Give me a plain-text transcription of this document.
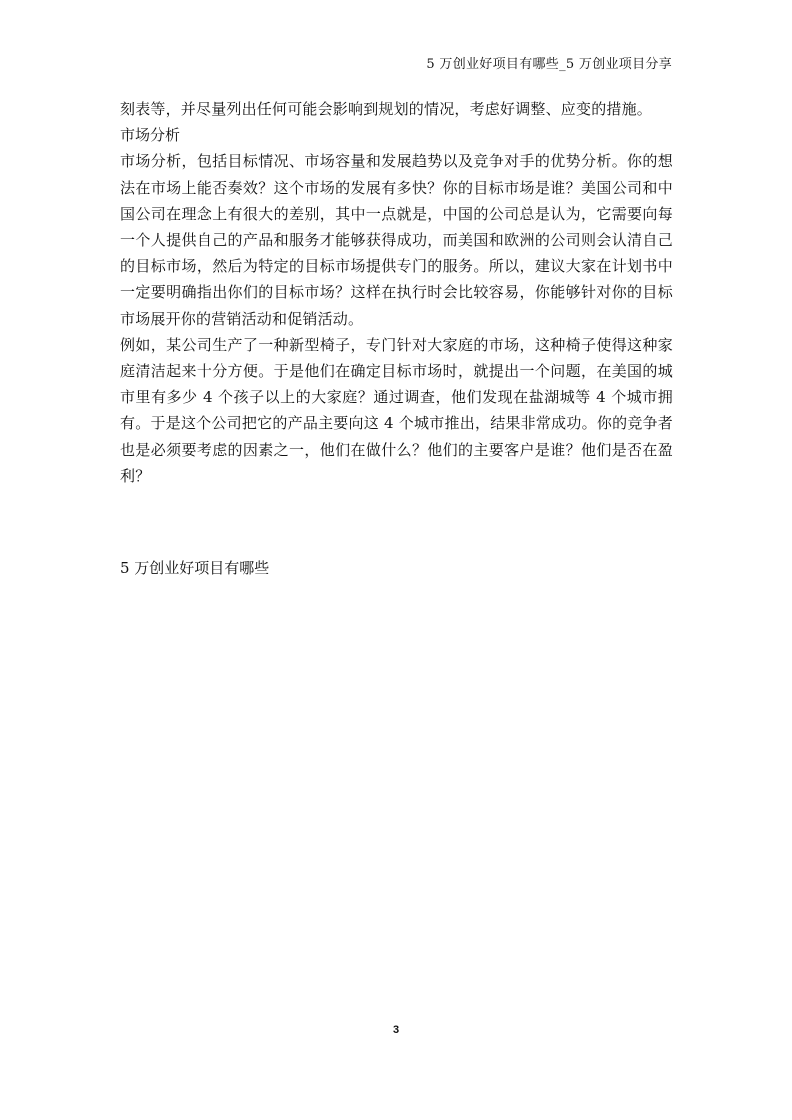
5 万创业好项目有哪些_5 万创业项目分享

刻表等，并尽量列出任何可能会影响到规划的情况，考虑好调整、应变的措施。

市场分析

市场分析，包括目标情况、市场容量和发展趋势以及竞争对手的优势分析。你的想法在市场上能否奏效？这个市场的发展有多快？你的目标市场是谁？美国公司和中国公司在理念上有很大的差别，其中一点就是，中国的公司总是认为，它需要向每一个人提供自己的产品和服务才能够获得成功，而美国和欧洲的公司则会认清自己的目标市场，然后为特定的目标市场提供专门的服务。所以，建议大家在计划书中一定要明确指出你们的目标市场？这样在执行时会比较容易，你能够针对你的目标市场展开你的营销活动和促销活动。

例如，某公司生产了一种新型椅子，专门针对大家庭的市场，这种椅子使得这种家庭清洁起来十分方便。于是他们在确定目标市场时，就提出一个问题，在美国的城市里有多少 4 个孩子以上的大家庭？通过调查，他们发现在盐湖城等 4 个城市拥有。于是这个公司把它的产品主要向这 4 个城市推出，结果非常成功。你的竞争者也是必须要考虑的因素之一，他们在做什么？他们的主要客户是谁？他们是否在盈利？

5 万创业好项目有哪些

3
